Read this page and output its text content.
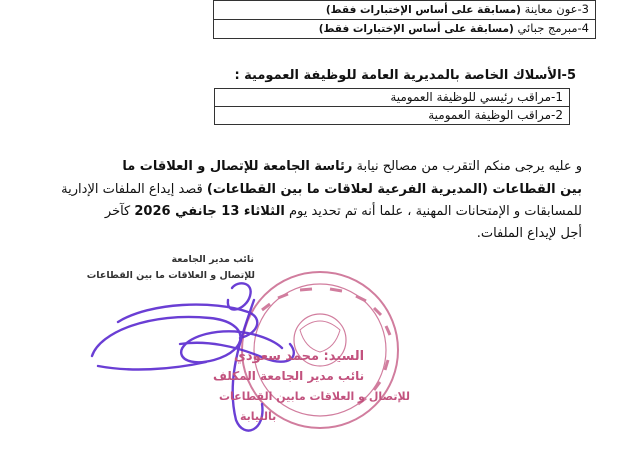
3-عون معاينة (مسابقة على أساس الإختبارات فقط)
4-مبرمج جبائي (مسابقة على أساس الإختبارات فقط)
5-الأسلاك الخاصة بالمديرية العامة للوظيفة العمومية :
1-مراقب رئيسي للوظيفة العمومية
2-مراقب الوظيفة العمومية
و عليه يرجى منكم التقرب من مصالح نيابة رئاسة الجامعة للإتصال و العلاقات ما
بين القطاعات (المديرية الفرعية لعلاقات ما بين القطاعات) قصد إيداع الملفات الإدارية
للمسابقات و الإمتحانات المهنية ، علما أنه تم تحديد يوم الثلاثاء 13 جانفي 2026 كآخر
أجل لإيداع الملفات.
نائب مدير الجامعة
للإتصال و العلاقات ما بين القطاعات
السيد: محمد سعودي
نائب مدير الجامعة المكلف
للإتصال و العلاقات مابين القطاعات
بالنيابة
